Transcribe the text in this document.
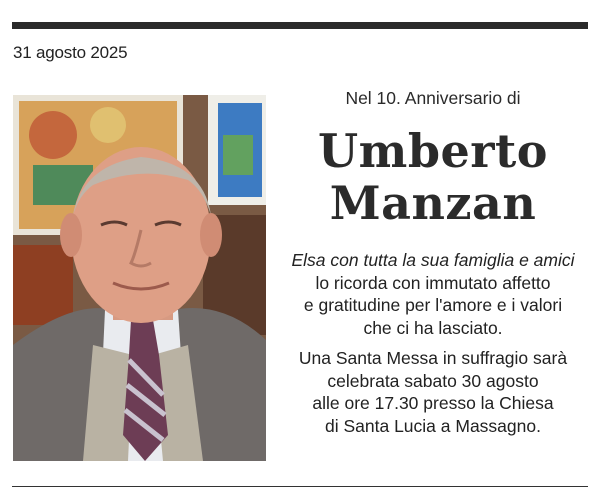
31 agosto 2025
Nel 10. Anniversario di
Umberto
Manzan
Elsa con tutta la sua famiglia e amici
lo ricorda con immutato affetto
e gratitudine per l'amore e i valori
che ci ha lasciato.
Una Santa Messa in suffragio sarà
celebrata sabato 30 agosto
alle ore 17.30 presso la Chiesa
di Santa Lucia a Massagno.
